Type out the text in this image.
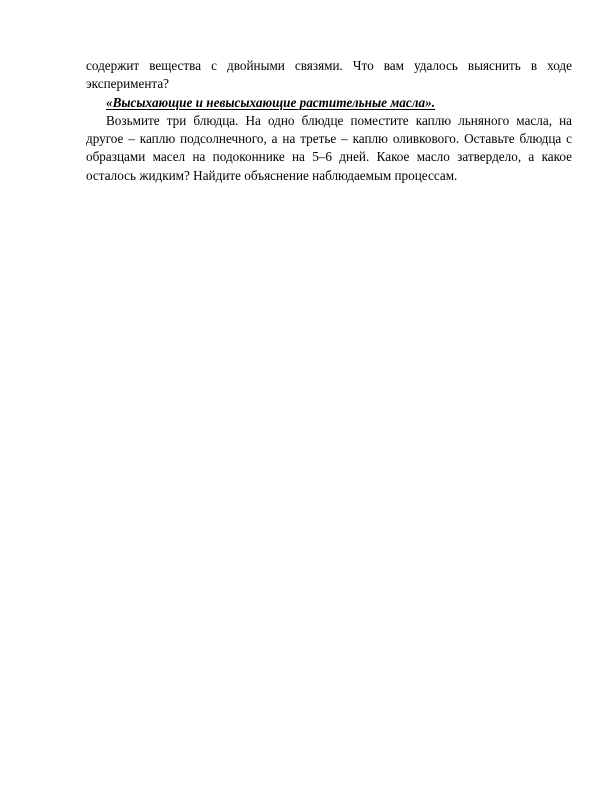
содержит вещества с двойными связями. Что вам удалось выяснить в ходе эксперимента?

«Высыхающие и невысыхающие растительные масла».

Возьмите три блюдца. На одно блюдце поместите каплю льняного масла, на другое – каплю подсолнечного, а на третье – каплю оливкового. Оставьте блюдца с образцами масел на подоконнике на 5–6 дней. Какое масло затвердело, а какое осталось жидким? Найдите объяснение наблюдаемым процессам.
